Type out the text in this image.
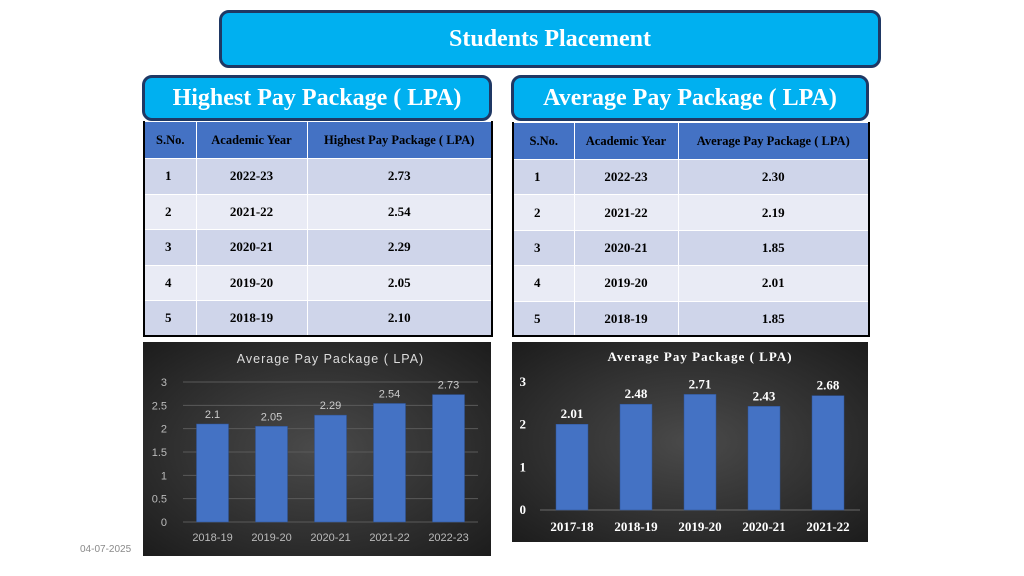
Students Placement
Highest Pay Package ( LPA)	Average Pay Package ( LPA)
S.No.	Academic Year	Highest Pay Package ( LPA)
1	2022-23	2.73
2	2021-22	2.54
3	2020-21	2.29
4	2019-20	2.05
5	2018-19	2.10
S.No.	Academic Year	Average Pay Package ( LPA)
1	2022-23	2.30
2	2021-22	2.19
3	2020-21	1.85
4	2019-20	2.01
5	2018-19	1.85
Average Pay Package ( LPA)
0
0.5
1
1.5
2
2.5
3
2.1
2018-19
2.05
2019-20
2.29
2020-21
2.54
2021-22
2.73
2022-23
Average Pay Package ( LPA)
0
1
2
3
2.01
2017-18
2.48
2018-19
2.71
2019-20
2.43
2020-21
2.68
2021-22
04-07-2025
